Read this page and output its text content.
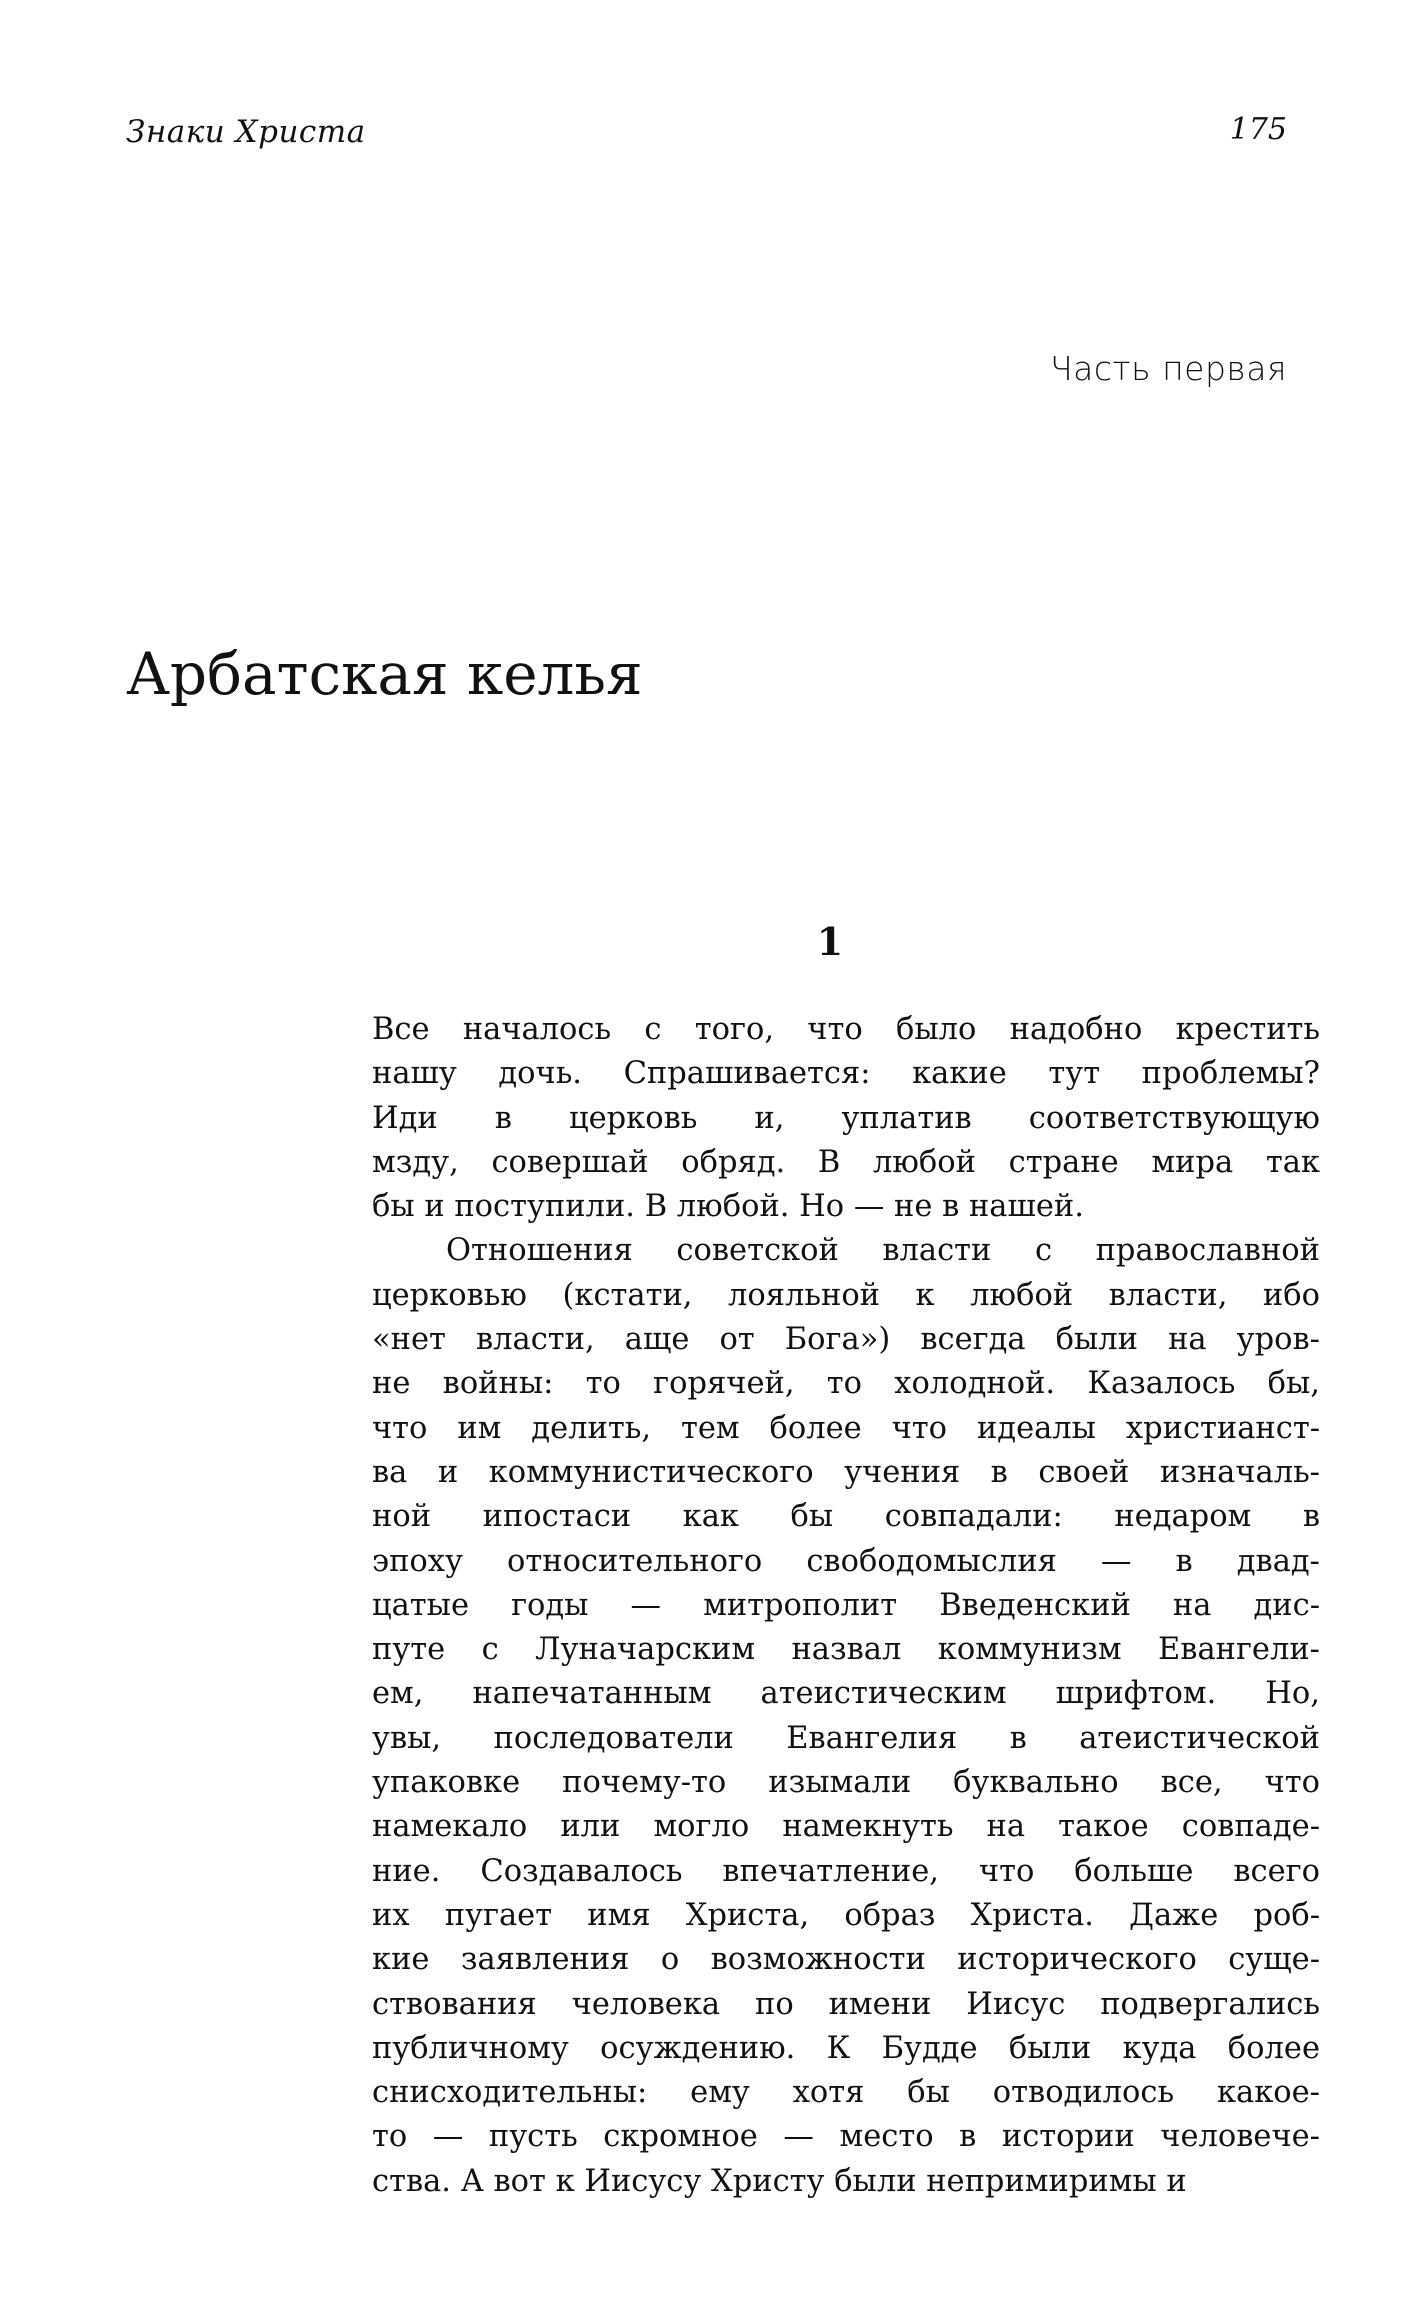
Знаки Христа	175
Часть первая
Арбатская келья
1
Все началось с того, что было надобно крестить
нашу дочь. Спрашивается: какие тут проблемы?
Иди в церковь и, уплатив соответствующую
мзду, совершай обряд. В любой стране мира так
бы и поступили. В любой. Но — не в нашей.
Отношения советской власти с православной
церковью (кстати, лояльной к любой власти, ибо
«нет власти, аще от Бога») всегда были на уров-
не войны: то горячей, то холодной. Казалось бы,
что им делить, тем более что идеалы христианст-
ва и коммунистического учения в своей изначаль-
ной ипостаси как бы совпадали: недаром в
эпоху относительного свободомыслия — в двад-
цатые годы — митрополит Введенский на дис-
путе с Луначарским назвал коммунизм Евангели-
ем, напечатанным атеистическим шрифтом. Но,
увы, последователи Евангелия в атеистической
упаковке почему-то изымали буквально все, что
намекало или могло намекнуть на такое совпаде-
ние. Создавалось впечатление, что больше всего
их пугает имя Христа, образ Христа. Даже роб-
кие заявления о возможности исторического суще-
ствования человека по имени Иисус подвергались
публичному осуждению. К Будде были куда более
снисходительны: ему хотя бы отводилось какое-
то — пусть скромное — место в истории человече-
ства. А вот к Иисусу Христу были непримиримы и
